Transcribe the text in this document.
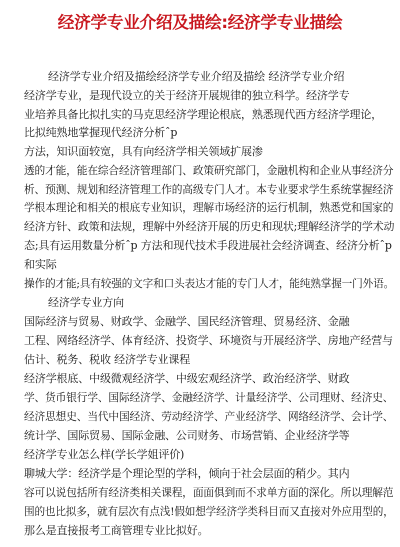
经济学专业介绍及描绘:经济学专业描绘
经济学专业介绍及描绘经济学专业介绍及描绘 经济学专业介绍
经济学专业，是现代设立的关于经济开展规律的独立科学。经济学专
业培养具备比拟扎实的马克思经济学理论根底，熟悉现代西方经济学理论，
比拟纯熟地掌握现代经济分析ˆp
方法，知识面较宽，具有向经济学相关领域扩展渗
透的才能，能在综合经济管理部门、政策研究部门，金融机构和企业从事经济分
析、预测、规划和经济管理工作的高级专门人才。本专业要求学生系统掌握经济
学根本理论和相关的根底专业知识，理解市场经济的运行机制，熟悉党和国家的
经济方针、政策和法规，理解中外经济开展的历史和现状;理解经济学的学术动
态;具有运用数量分析ˆp 方法和现代技术手段进展社会经济调查、经济分析ˆp
和实际
操作的才能;具有较强的文字和口头表达才能的专门人才，能纯熟掌握一门外语。
经济学专业方向
国际经济与贸易、财政学、金融学、国民经济管理、贸易经济、金融
工程、网络经济学、体育经济、投资学、环境资与开展经济学、房地产经营与
估计、税务、税收 经济学专业课程
经济学根底、中级微观经济学、中级宏观经济学、政治经济学、财政
学、货币银行学、国际经济学、金融经济学、计量经济学、公司理财、经济史、
经济思想史、当代中国经济、劳动经济学、产业经济学、网络经济学、会计学、
统计学、国际贸易、国际金融、公司财务、市场营销、企业经济学等
经济学专业怎么样(学长学姐评价)
聊城大学：经济学是个理论型的学科，倾向于社会层面的稍少。其内
容可以说包括所有经济类相关课程，面面俱到而不求单方面的深化。所以理解范
围的也比拟多，就有层次有点浅!假如想学经济学类科目而又直接对外应用型的，
那么是直接报考工商管理专业比拟好。
